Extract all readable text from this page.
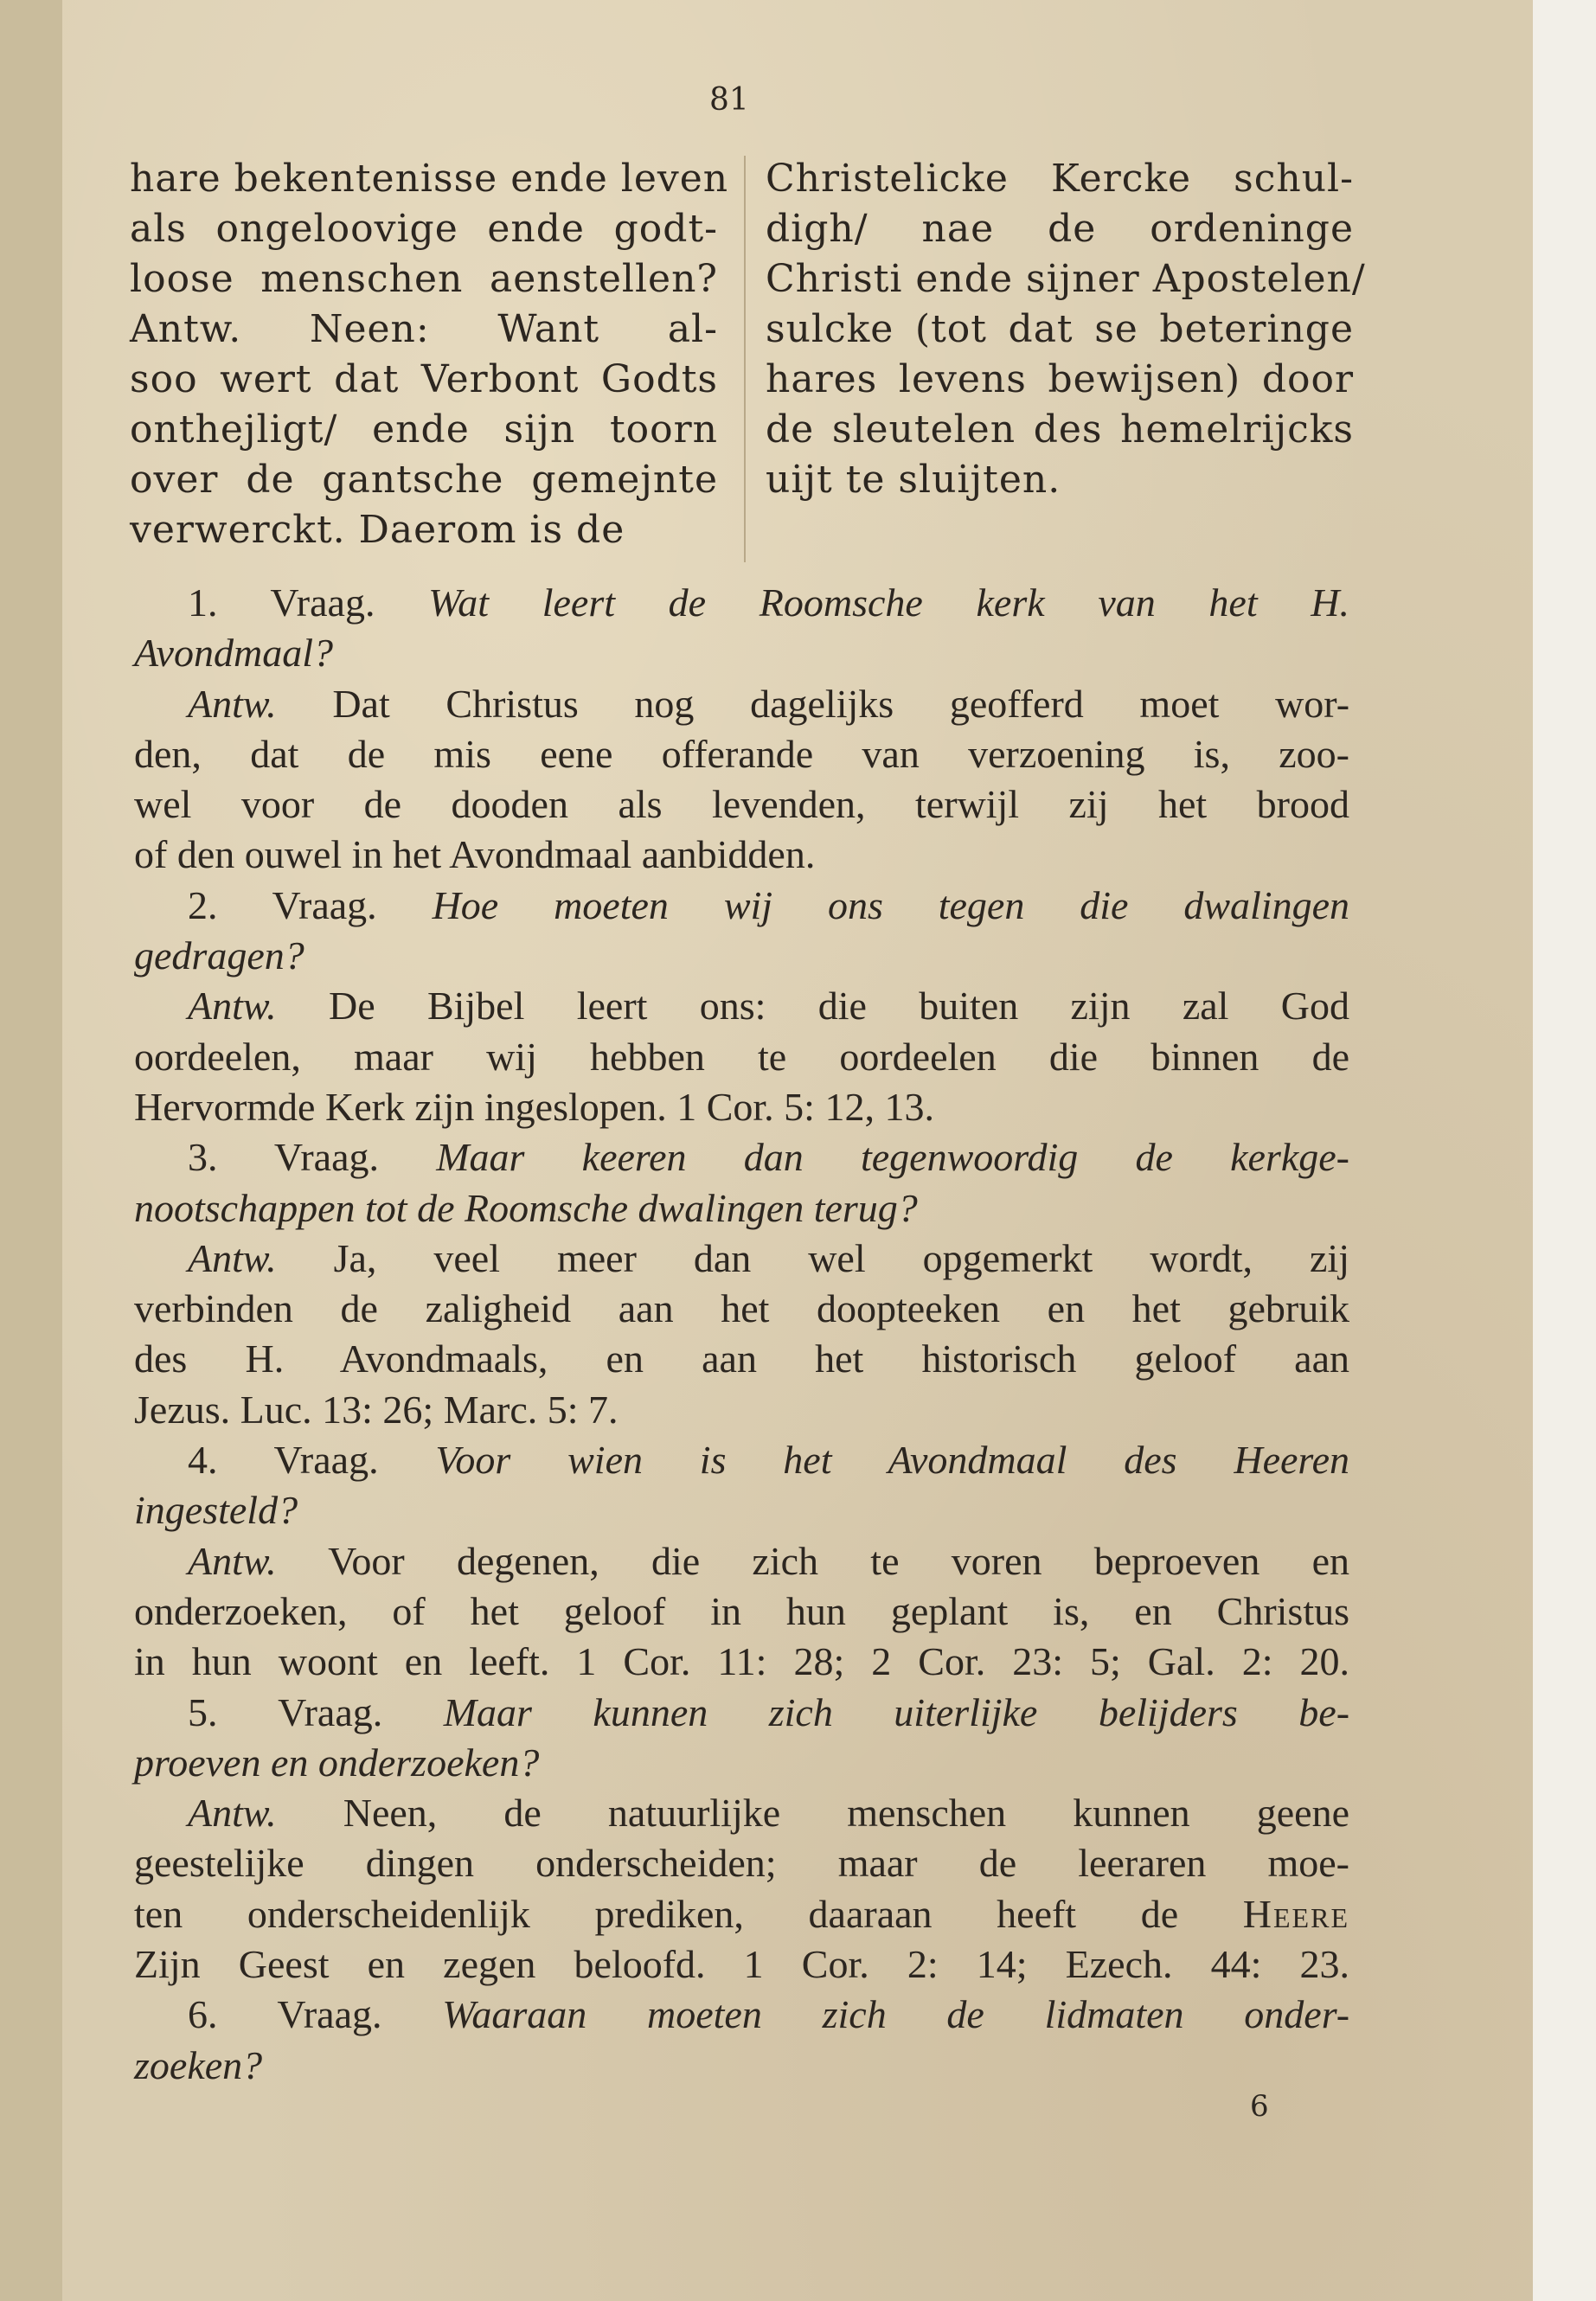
81
hare bekentenisse ende leven
als ongeloovige ende godt-
loose menschen aenstellen?
Antw. Neen: Want al-
soo wert dat Verbont Godts
onthejligt/ ende sijn toorn
over de gantsche gemejnte
verwerckt. Daerom is de
Christelicke Kercke schul-
digh/ nae de ordeninge
Christi ende sijner Apostelen/
sulcke (tot dat se beteringe
hares levens bewijsen) door
de sleutelen des hemelrijcks
uijt te sluijten.
1. Vraag. Wat leert de Roomsche kerk van het H.
Avondmaal?
Antw. Dat Christus nog dagelijks geofferd moet wor-
den, dat de mis eene offerande van verzoening is, zoo-
wel voor de dooden als levenden, terwijl zij het brood
of den ouwel in het Avondmaal aanbidden.
2. Vraag. Hoe moeten wij ons tegen die dwalingen
gedragen?
Antw. De Bijbel leert ons: die buiten zijn zal God
oordeelen, maar wij hebben te oordeelen die binnen de
Hervormde Kerk zijn ingeslopen. 1 Cor. 5: 12, 13.
3. Vraag. Maar keeren dan tegenwoordig de kerkge-
nootschappen tot de Roomsche dwalingen terug?
Antw. Ja, veel meer dan wel opgemerkt wordt, zij
verbinden de zaligheid aan het doopteeken en het gebruik
des H. Avondmaals, en aan het historisch geloof aan
Jezus. Luc. 13: 26; Marc. 5: 7.
4. Vraag. Voor wien is het Avondmaal des Heeren
ingesteld?
Antw. Voor degenen, die zich te voren beproeven en
onderzoeken, of het geloof in hun geplant is, en Christus
in hun woont en leeft. 1 Cor. 11: 28; 2 Cor. 23: 5; Gal. 2: 20.
5. Vraag. Maar kunnen zich uiterlijke belijders be-
proeven en onderzoeken?
Antw. Neen, de natuurlijke menschen kunnen geene
geestelijke dingen onderscheiden; maar de leeraren moe-
ten onderscheidenlijk prediken, daaraan heeft de Heere
Zijn Geest en zegen beloofd. 1 Cor. 2: 14; Ezech. 44: 23.
6. Vraag. Waaraan moeten zich de lidmaten onder-
zoeken?
6
